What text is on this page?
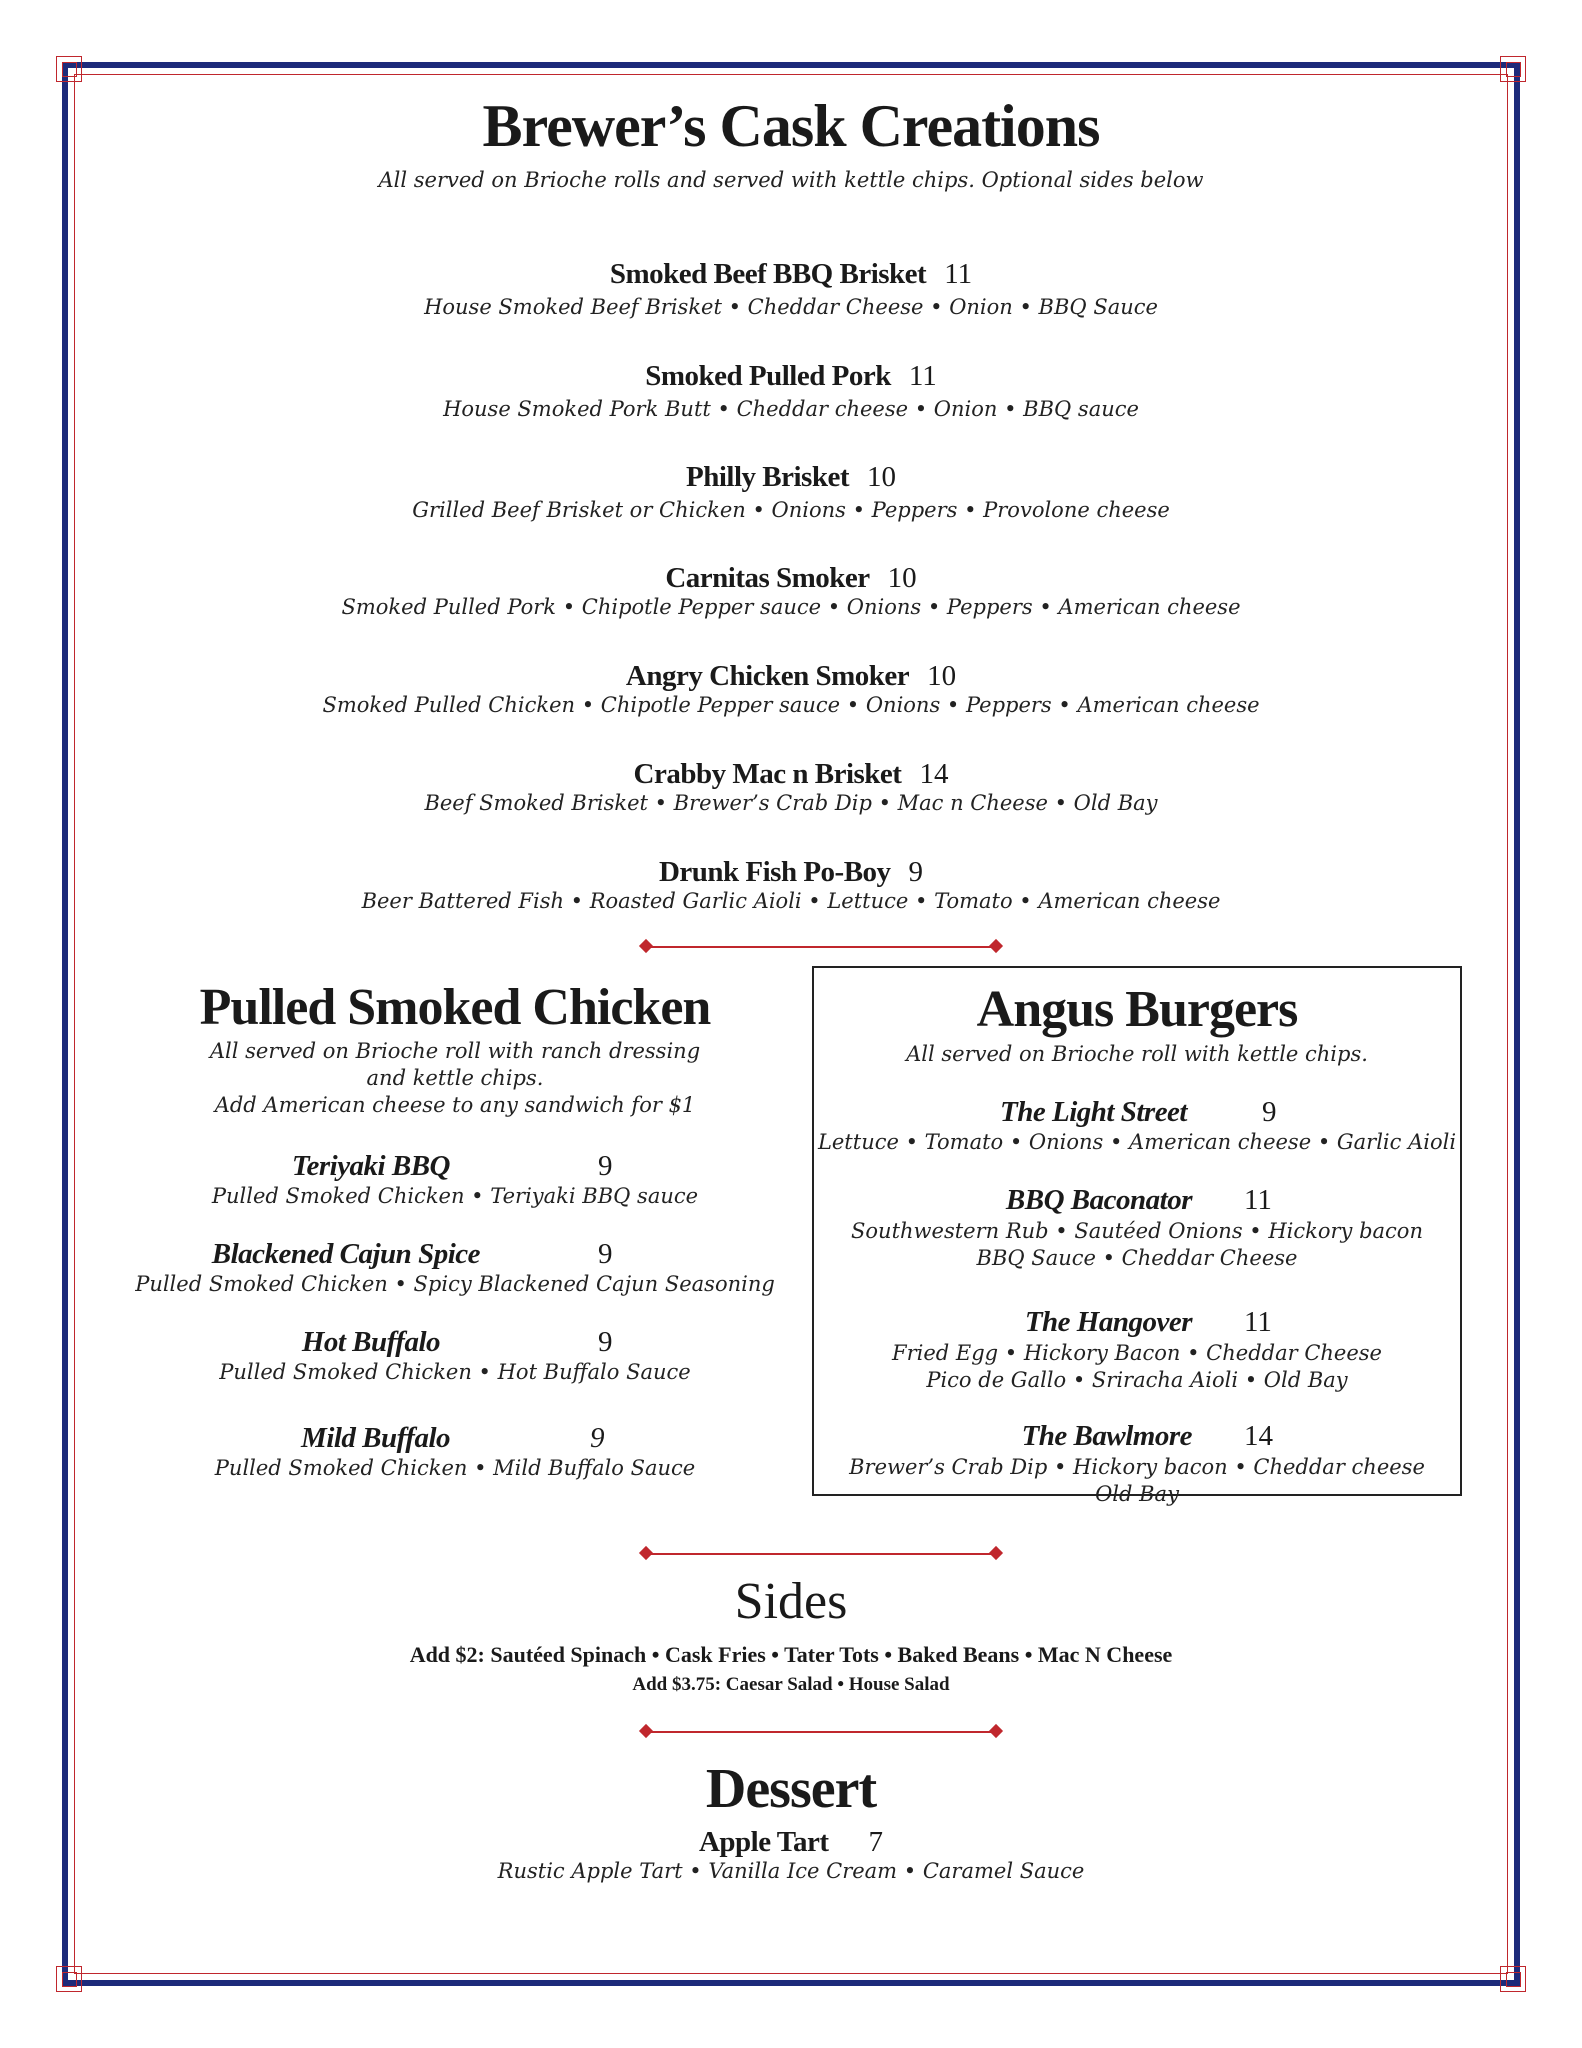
Brewer’s Cask Creations
All served on Brioche rolls and served with kettle chips. Optional sides below
Smoked Beef BBQ Brisket 11
House Smoked Beef Brisket • Cheddar Cheese • Onion • BBQ Sauce
Smoked Pulled Pork 11
House Smoked Pork Butt • Cheddar cheese • Onion • BBQ sauce
Philly Brisket 10
Grilled Beef Brisket or Chicken • Onions • Peppers • Provolone cheese
Carnitas Smoker 10
Smoked Pulled Pork • Chipotle Pepper sauce • Onions • Peppers • American cheese
Angry Chicken Smoker 10
Smoked Pulled Chicken • Chipotle Pepper sauce • Onions • Peppers • American cheese
Crabby Mac n Brisket 14
Beef Smoked Brisket • Brewer’s Crab Dip • Mac n Cheese • Old Bay
Drunk Fish Po-Boy 9
Beer Battered Fish • Roasted Garlic Aioli • Lettuce • Tomato • American cheese
Pulled Smoked Chicken
All served on Brioche roll with ranch dressing
and kettle chips.
Add American cheese to any sandwich for $1
Teriyaki BBQ	9
Pulled Smoked Chicken • Teriyaki BBQ sauce
Blackened Cajun Spice	9
Pulled Smoked Chicken • Spicy Blackened Cajun Seasoning
Hot Buffalo	9
Pulled Smoked Chicken • Hot Buffalo Sauce
Mild Buffalo	9
Pulled Smoked Chicken • Mild Buffalo Sauce
Angus Burgers
All served on Brioche roll with kettle chips.
The Light Street	9
Lettuce • Tomato • Onions • American cheese • Garlic Aioli
BBQ Baconator 11
Southwestern Rub • Sautéed Onions • Hickory bacon
BBQ Sauce • Cheddar Cheese
The Hangover 11
Fried Egg • Hickory Bacon • Cheddar Cheese
Pico de Gallo • Sriracha Aioli • Old Bay
The Bawlmore 14
Brewer’s Crab Dip • Hickory bacon • Cheddar cheese
Old Bay
Sides
Add $2: Sautéed Spinach • Cask Fries • Tater Tots • Baked Beans • Mac N Cheese
Add $3.75: Caesar Salad • House Salad
Dessert
Apple Tart 7
Rustic Apple Tart • Vanilla Ice Cream • Caramel Sauce
